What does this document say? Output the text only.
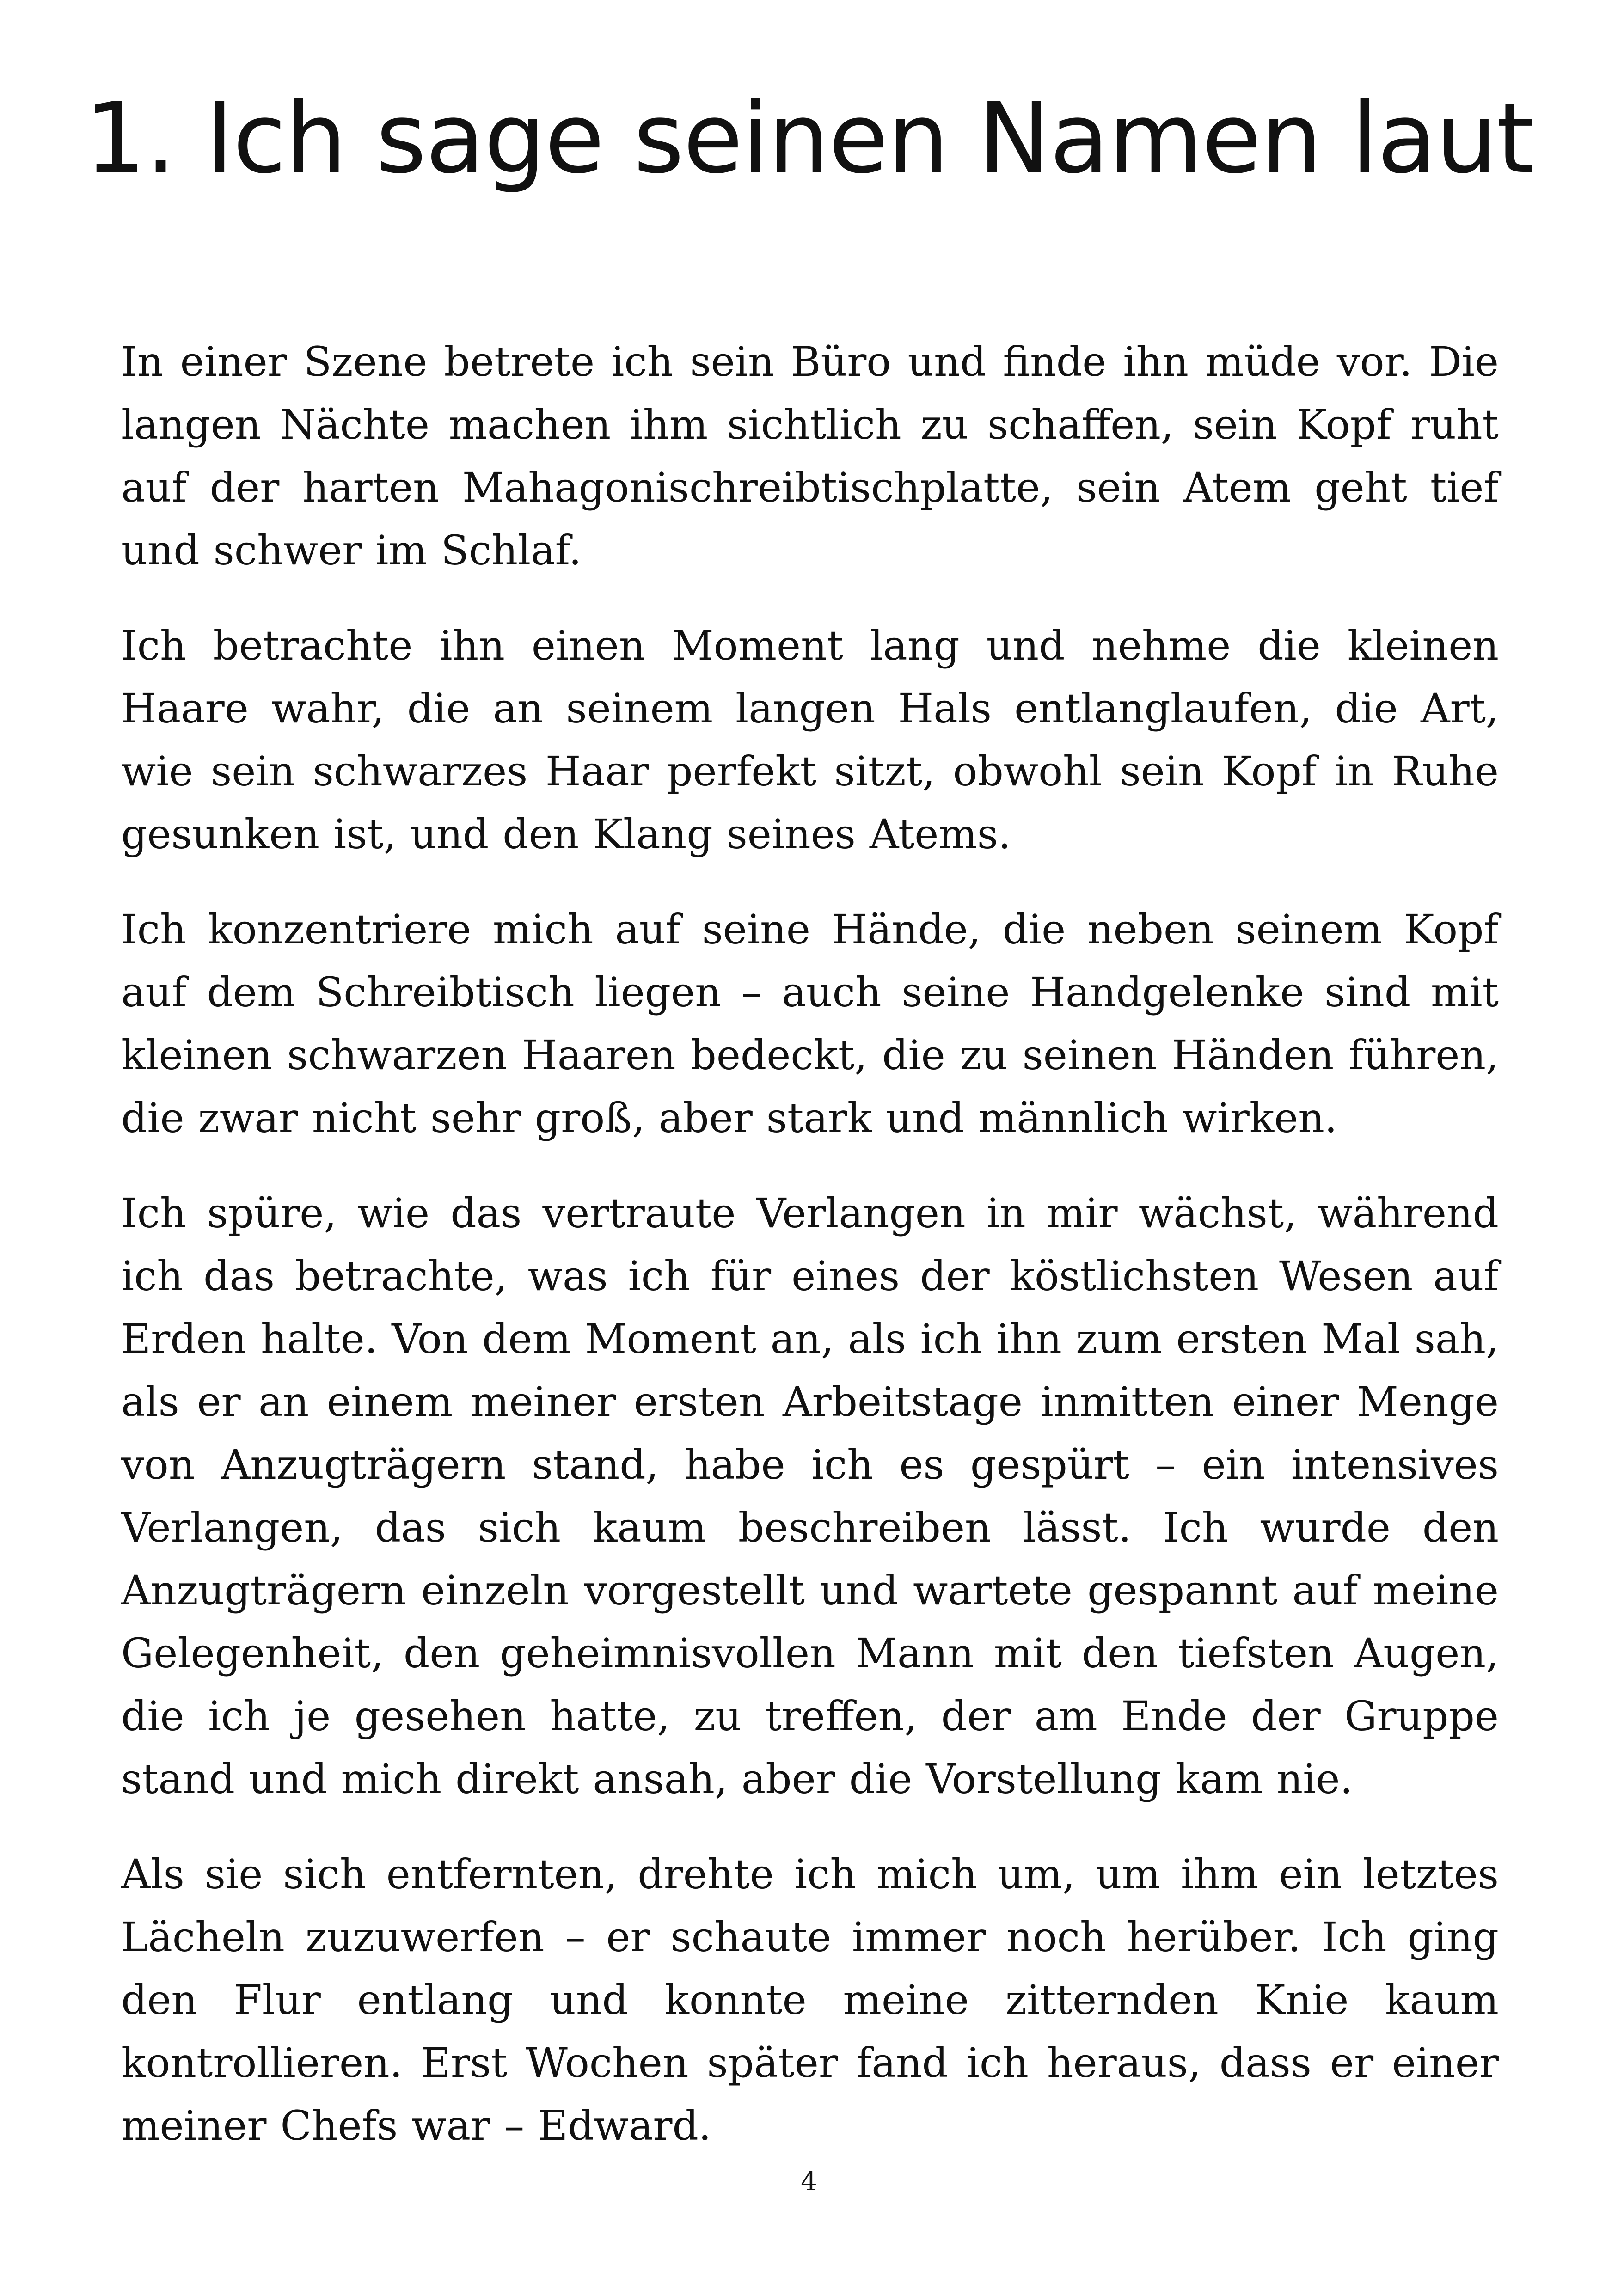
1. Ich sage seinen Namen laut

In einer Szene betrete ich sein Büro und finde ihn müde vor. Die langen Nächte machen ihm sichtlich zu schaffen, sein Kopf ruht auf der harten Mahagonischreibtischplatte, sein Atem geht tief und schwer im Schlaf.

Ich betrachte ihn einen Moment lang und nehme die kleinen Haare wahr, die an seinem langen Hals entlanglaufen, die Art, wie sein schwarzes Haar perfekt sitzt, obwohl sein Kopf in Ruhe gesunken ist, und den Klang seines Atems.

Ich konzentriere mich auf seine Hände, die neben seinem Kopf auf dem Schreibtisch liegen – auch seine Handgelenke sind mit kleinen schwarzen Haaren bedeckt, die zu seinen Händen führen, die zwar nicht sehr groß, aber stark und männlich wirken.

Ich spüre, wie das vertraute Verlangen in mir wächst, während ich das betrachte, was ich für eines der köstlichsten Wesen auf Erden halte. Von dem Moment an, als ich ihn zum ersten Mal sah, als er an einem meiner ersten Arbeitstage inmitten einer Menge von Anzugträgern stand, habe ich es gespürt – ein intensives Verlangen, das sich kaum beschreiben lässt. Ich wurde den Anzugträgern einzeln vorgestellt und wartete gespannt auf meine Gelegenheit, den geheimnisvollen Mann mit den tiefsten Augen, die ich je gesehen hatte, zu treffen, der am Ende der Gruppe stand und mich direkt ansah, aber die Vorstellung kam nie.

Als sie sich entfernten, drehte ich mich um, um ihm ein letztes Lächeln zuzuwerfen – er schaute immer noch herüber. Ich ging den Flur entlang und konnte meine zitternden Knie kaum kontrollieren. Erst Wochen später fand ich heraus, dass er einer meiner Chefs war – Edward.

4
